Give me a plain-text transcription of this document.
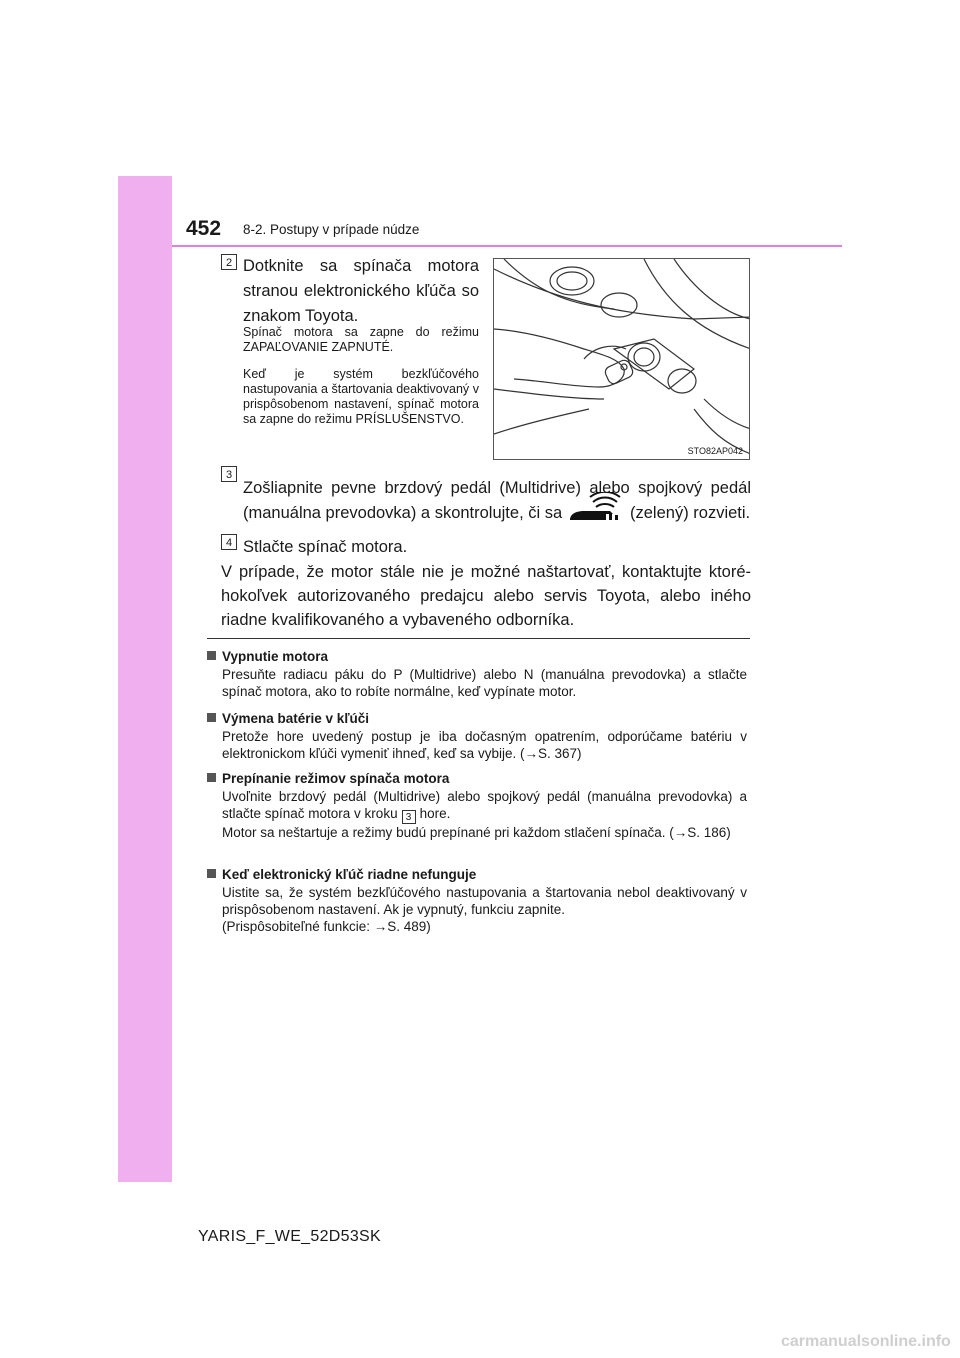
452 8-2. Postupy v prípade núdze
2 Dotknite sa spínača motora stranou elektronického kľúča so znakom Toyota.
Spínač motora sa zapne do režimu ZAPAĽOVANIE ZAPNUTÉ.
Keď je systém bezkľúčového nastupovania a štartovania deaktivovaný v prispôsobenom nastavení, spínač motora sa zapne do režimu PRÍSLUŠENSTVO.
STO82AP042
3
Zošliapnite pevne brzdový pedál (Multidrive) alebo spojkový pedál
(manuálna prevodovka) a skontrolujte, či sa	(zelený) rozvieti.
4 Stlačte spínač motora.
V prípade, že motor stále nie je možné naštartovať, kontaktujte ktoré-hokoľvek autorizovaného predajcu alebo servis Toyota, alebo iného riadne kvalifikovaného a vybaveného odborníka.
Vypnutie motora
Presuňte radiacu páku do P (Multidrive) alebo N (manuálna prevodovka) a stlačte spínač motora, ako to robíte normálne, keď vypínate motor.
Výmena batérie v kľúči
Pretože hore uvedený postup je iba dočasným opatrením, odporúčame batériu v elektronickom kľúči vymeniť ihneď, keď sa vybije. (→S. 367)
Prepínanie režimov spínača motora
Uvoľnite brzdový pedál (Multidrive) alebo spojkový pedál (manuálna prevodovka) a stlačte spínač motora v kroku 3 hore.
Motor sa neštartuje a režimy budú prepínané pri každom stlačení spínača. (→S. 186)
Keď elektronický kľúč riadne nefunguje
Uistite sa, že systém bezkľúčového nastupovania a štartovania nebol deaktivovaný v prispôsobenom nastavení. Ak je vypnutý, funkciu zapnite.
(Prispôsobiteľné funkcie: →S. 489)
YARIS_F_WE_52D53SK
carmanualsonline.info
